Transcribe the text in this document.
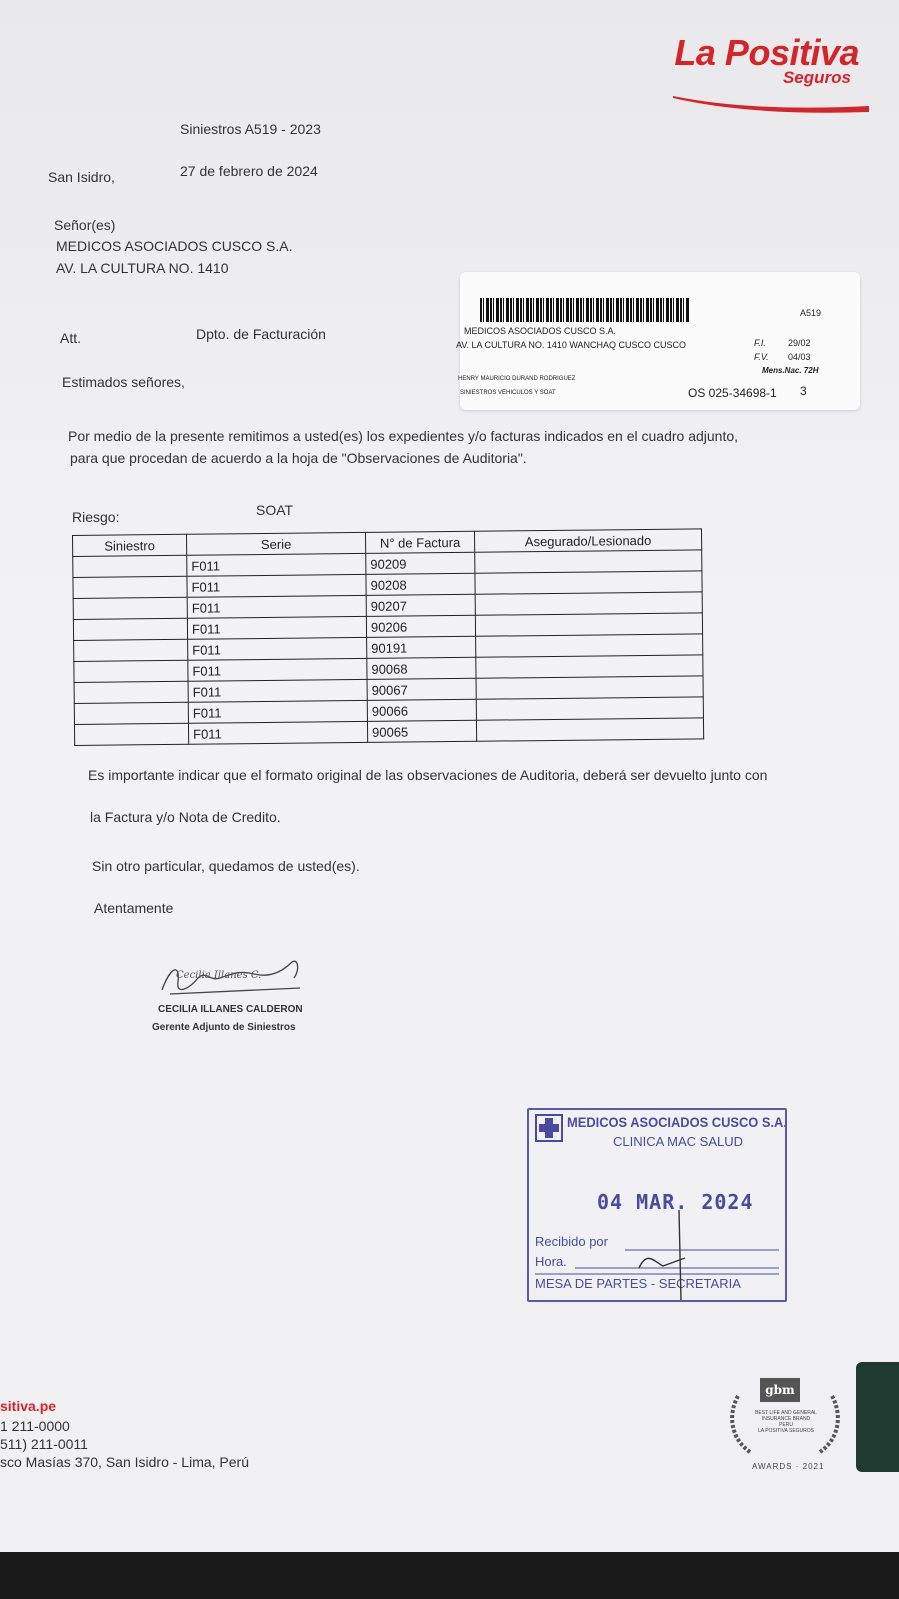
La Positiva
Seguros
Siniestros A519 - 2023
San Isidro,	27 de febrero de 2024
Señor(es)
MEDICOS ASOCIADOS CUSCO S.A.
AV. LA CULTURA NO. 1410
Att.	Dpto. de Facturación
Estimados señores,
A519
MEDICOS ASOCIADOS CUSCO S.A.
AV. LA CULTURA NO. 1410 WANCHAQ CUSCO CUSCO	F.I. 29/02
F.V. 04/03
Mens.Nac. 72H
HENRY MAURICIO DURAND RODRIGUEZ
SINIESTROS VEHICULOS Y SOAT	OS 025-34698-1 3
Por medio de la presente remitimos a usted(es) los expedientes y/o facturas indicados en el cuadro adjunto,
para que procedan de acuerdo a la hoja de "Observaciones de Auditoria".
Riesgo:	SOAT
Siniestro	Serie	N° de Factura	Asegurado/Lesionado
	F011	90209	
	F011	90208	
	F011	90207	
	F011	90206	
	F011	90191	
	F011	90068	
	F011	90067	
	F011	90066	
	F011	90065	
Es importante indicar que el formato original de las observaciones de Auditoria, deberá ser devuelto junto con
la Factura y/o Nota de Credito.
Sin otro particular, quedamos de usted(es).
Atentamente
Cecilia Illanes C.
CECILIA ILLANES CALDERON
Gerente Adjunto de Siniestros
MEDICOS ASOCIADOS CUSCO S.A.
CLINICA MAC SALUD
04 MAR. 2024
Recibido por
Hora.
MESA DE PARTES - SECRETARIA
sitiva.pe
1 211-0000
511) 211-0011
sco Masías 370, San Isidro - Lima, Perú
gbm
BEST LIFE AND GENERAL
INSURANCE BRAND
PERU
LA POSITIVA SEGUROS
AWARDS · 2021
